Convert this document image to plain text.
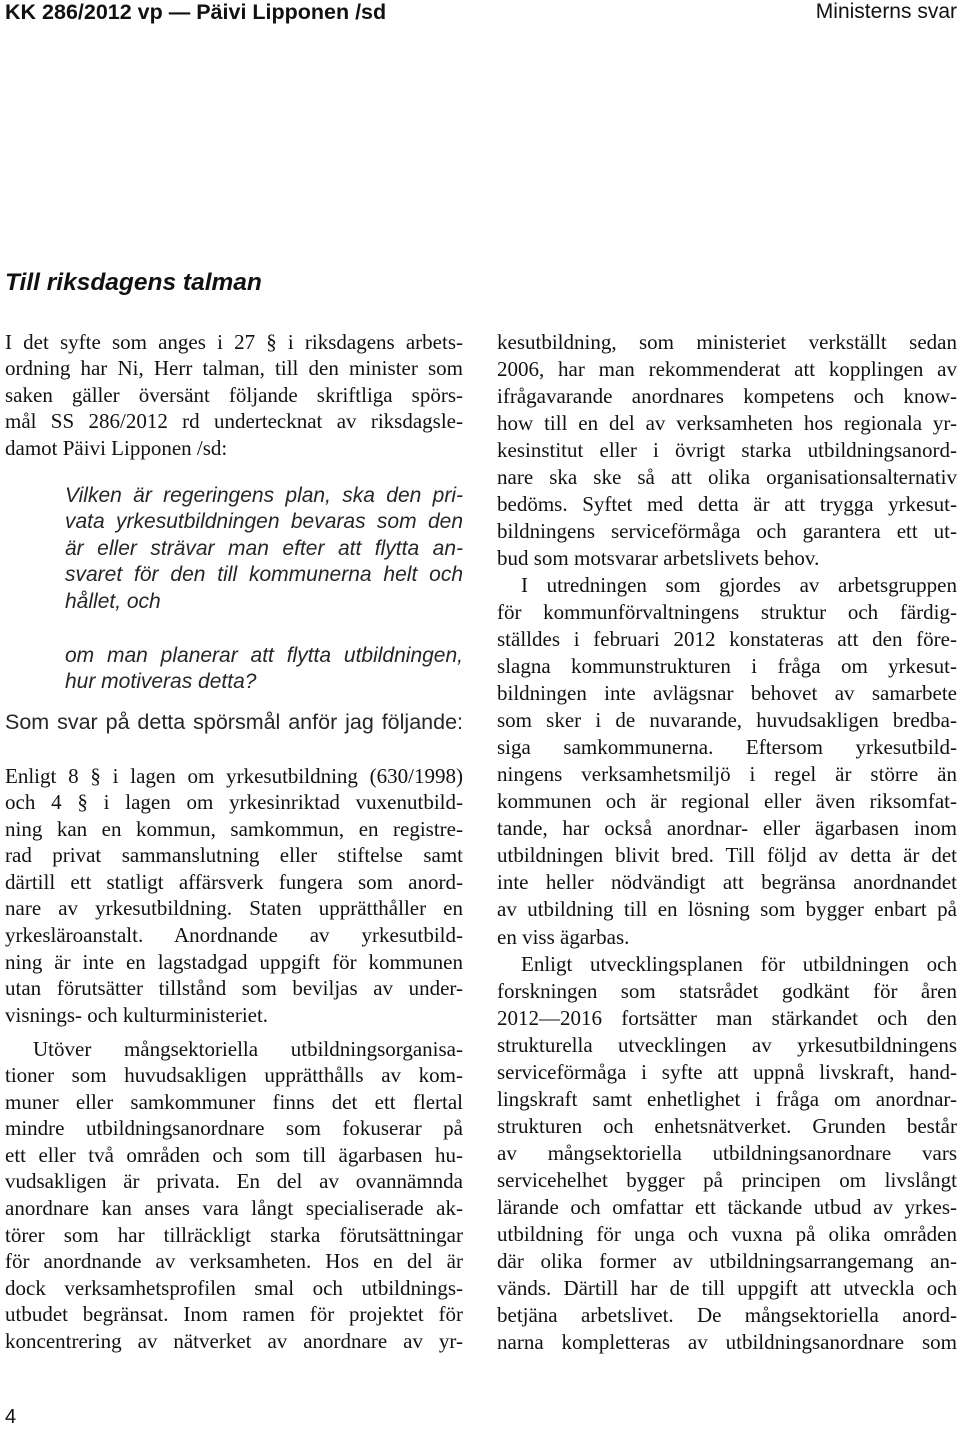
KK 286/2012 vp — Päivi Lipponen /sd	Ministerns svar
Till riksdagens talman
I det syfte som anges i 27 § i riksdagens arbets-
ordning har Ni, Herr talman, till den minister som
saken gäller översänt följande skriftliga spörs-
mål SS 286/2012 rd undertecknat av riksdagsle-
damot Päivi Lipponen /sd:
Vilken är regeringens plan, ska den pri-
vata yrkesutbildningen bevaras som den
är eller strävar man efter att flytta an-
svaret för den till kommunerna helt och
hållet, och
om man planerar att flytta utbildningen,
hur motiveras detta?
Som svar på detta spörsmål anför jag följande:
Enligt 8 § i lagen om yrkesutbildning (630/1998)
och 4 § i lagen om yrkesinriktad vuxenutbild-
ning kan en kommun, samkommun, en registre-
rad privat sammanslutning eller stiftelse samt
därtill ett statligt affärsverk fungera som anord-
nare av yrkesutbildning. Staten upprätthåller en
yrkesläroanstalt. Anordnande av yrkesutbild-
ning är inte en lagstadgad uppgift för kommunen
utan förutsätter tillstånd som beviljas av under-
visnings- och kulturministeriet.
Utöver mångsektoriella utbildningsorganisa-
tioner som huvudsakligen upprätthålls av kom-
muner eller samkommuner finns det ett flertal
mindre utbildningsanordnare som fokuserar på
ett eller två områden och som till ägarbasen hu-
vudsakligen är privata. En del av ovannämnda
anordnare kan anses vara långt specialiserade ak-
törer som har tillräckligt starka förutsättningar
för anordnande av verksamheten. Hos en del är
dock verksamhetsprofilen smal och utbildnings-
utbudet begränsat. Inom ramen för projektet för
koncentrering av nätverket av anordnare av yr-
kesutbildning, som ministeriet verkställt sedan
2006, har man rekommenderat att kopplingen av
ifrågavarande anordnares kompetens och know-
how till en del av verksamheten hos regionala yr-
kesinstitut eller i övrigt starka utbildningsanord-
nare ska ske så att olika organisationsalternativ
bedöms. Syftet med detta är att trygga yrkesut-
bildningens serviceförmåga och garantera ett ut-
bud som motsvarar arbetslivets behov.
I utredningen som gjordes av arbetsgruppen
för kommunförvaltningens struktur och färdig-
ställdes i februari 2012 konstateras att den före-
slagna kommunstrukturen i fråga om yrkesut-
bildningen inte avlägsnar behovet av samarbete
som sker i de nuvarande, huvudsakligen bredba-
siga samkommunerna. Eftersom yrkesutbild-
ningens verksamhetsmiljö i regel är större än
kommunen och är regional eller även riksomfat-
tande, har också anordnar- eller ägarbasen inom
utbildningen blivit bred. Till följd av detta är det
inte heller nödvändigt att begränsa anordnandet
av utbildning till en lösning som bygger enbart på
en viss ägarbas.
Enligt utvecklingsplanen för utbildningen och
forskningen som statsrådet godkänt för åren
2012—2016 fortsätter man stärkandet och den
strukturella utvecklingen av yrkesutbildningens
serviceförmåga i syfte att uppnå livskraft, hand-
lingskraft samt enhetlighet i fråga om anordnar-
strukturen och enhetsnätverket. Grunden består
av mångsektoriella utbildningsanordnare vars
servicehelhet bygger på principen om livslångt
lärande och omfattar ett täckande utbud av yrkes-
utbildning för unga och vuxna på olika områden
där olika former av utbildningsarrangemang an-
vänds. Därtill har de till uppgift att utveckla och
betjäna arbetslivet. De mångsektoriella anord-
narna kompletteras av utbildningsanordnare som
4
